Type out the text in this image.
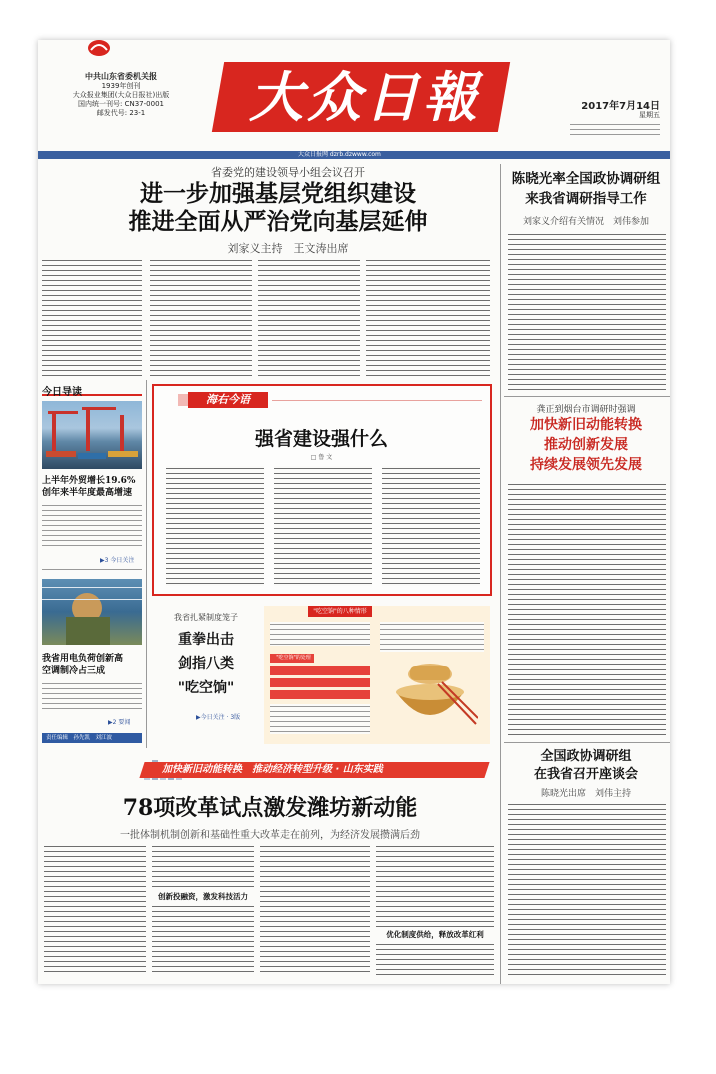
中共山东省委机关报
1939年创刊
大众报业集团(大众日报社)出版
国内统一刊号: CN37-0001
邮发代号: 23-1	大众日報	2017年7月14日
星期五
大众日报网 dzrb.dzwww.com
省委党的建设领导小组会议召开
进一步加强基层党组织建设
推进全面从严治党向基层延伸
刘家义主持　王文涛出席
陈晓光率全国政协调研组
来我省调研指导工作
刘家义介绍有关情况　刘伟参加
龚正到烟台市调研时强调
加快新旧动能转换
推动创新发展
持续发展领先发展
全国政协调研组
在我省召开座谈会
陈晓光出席　刘伟主持
今日导读
上半年外贸增长19.6%
创年来半年度最高增速
▶3 今日关注
我省用电负荷创新高
空调制冷占三成
▶2 要闻
责任编辑　孙先凯　刘江波
海右今语
强省建设强什么
□ 鲁 文
我省扎紧制度笼子
重拳出击
剑指八类
"吃空饷"
▶今日关注 · 3版
"吃空饷"的八种情形
"吃空饷"的处理
加快新旧动能转换　推动经济转型升级 · 山东实践
78项改革试点激发潍坊新动能
一批体制机制创新和基础性重大改革走在前列，为经济发展攒满后劲
创新投融资，激发科技活力
优化制度供给，释放改革红利
